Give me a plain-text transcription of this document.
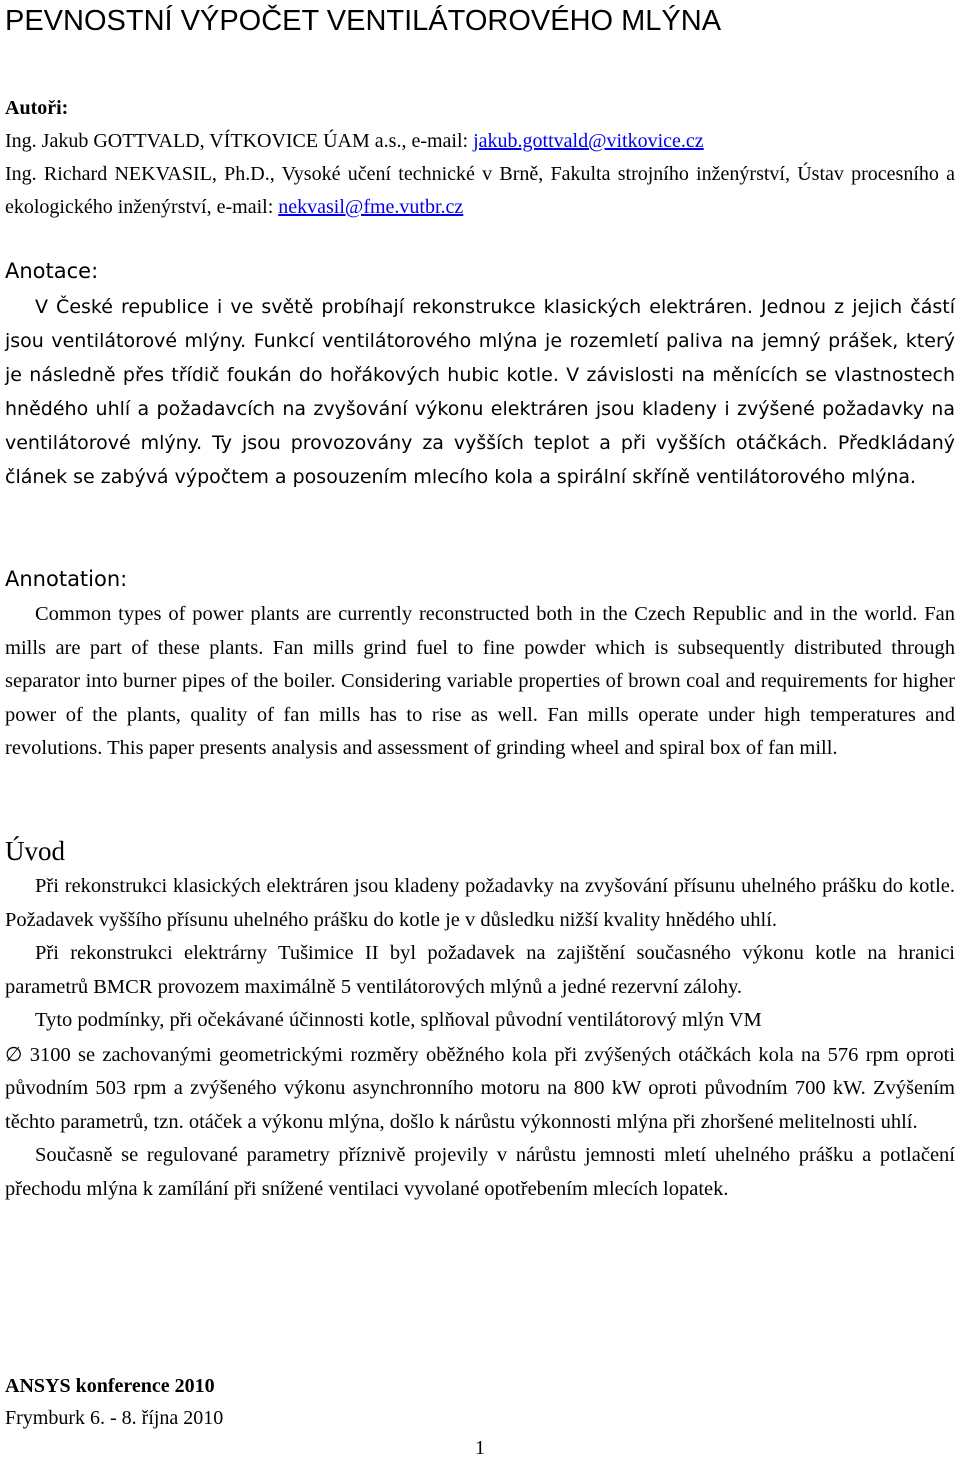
PEVNOSTNÍ VÝPOČET VENTILÁTOROVÉHO MLÝNA
Autoři:
Ing. Jakub GOTTVALD, VÍTKOVICE ÚAM a.s., e-mail: jakub.gottvald@vitkovice.cz
Ing. Richard NEKVASIL, Ph.D., Vysoké učení technické v Brně, Fakulta strojního inženýrství, Ústav procesního a ekologického inženýrství, e-mail: nekvasil@fme.vutbr.cz
Anotace:
V České republice i ve světě probíhají rekonstrukce klasických elektráren. Jednou z jejich částí jsou ventilátorové mlýny. Funkcí ventilátorového mlýna je rozemletí paliva na jemný prášek, který je následně přes třídič foukán do hořákových hubic kotle. V závislosti na měnících se vlastnostech hnědého uhlí a požadavcích na zvyšování výkonu elektráren jsou kladeny i zvýšené požadavky na ventilátorové mlýny. Ty jsou provozovány za vyšších teplot a při vyšších otáčkách. Předkládaný článek se zabývá výpočtem a posouzením mlecího kola a spirální skříně ventilátorového mlýna.
Annotation:
Common types of power plants are currently reconstructed both in the Czech Republic and in the world. Fan mills are part of these plants. Fan mills grind fuel to fine powder which is subsequently distributed through separator into burner pipes of the boiler. Considering variable properties of brown coal and requirements for higher power of the plants, quality of fan mills has to rise as well. Fan mills operate under high temperatures and revolutions. This paper presents analysis and assessment of grinding wheel and spiral box of fan mill.
Úvod

Při rekonstrukci klasických elektráren jsou kladeny požadavky na zvyšování přísunu uhelného prášku do kotle. Požadavek vyššího přísunu uhelného prášku do kotle je v důsledku nižší kvality hnědého uhlí.

Při rekonstrukci elektrárny Tušimice II byl požadavek na zajištění současného výkonu kotle na hranici parametrů BMCR provozem maximálně 5 ventilátorových mlýnů a jedné rezervní zálohy.

Tyto podmínky, při očekávané účinnosti kotle, splňoval původní ventilátorový mlýn VM
∅ 3100 se zachovanými geometrickými rozměry oběžného kola při zvýšených otáčkách kola na 576 rpm oproti původním 503 rpm a zvýšeného výkonu asynchronního motoru na 800 kW oproti původním 700 kW. Zvýšením těchto parametrů, tzn. otáček a výkonu mlýna, došlo k nárůstu výkonnosti mlýna při zhoršené melitelnosti uhlí.

Současně se regulované parametry příznivě projevily v nárůstu jemnosti mletí uhelného prášku a potlačení přechodu mlýna k zamílání při snížené ventilaci vyvolané opotřebením mlecích lopatek.

ANSYS konference 2010
Frymburk 6. - 8. října 2010
1
